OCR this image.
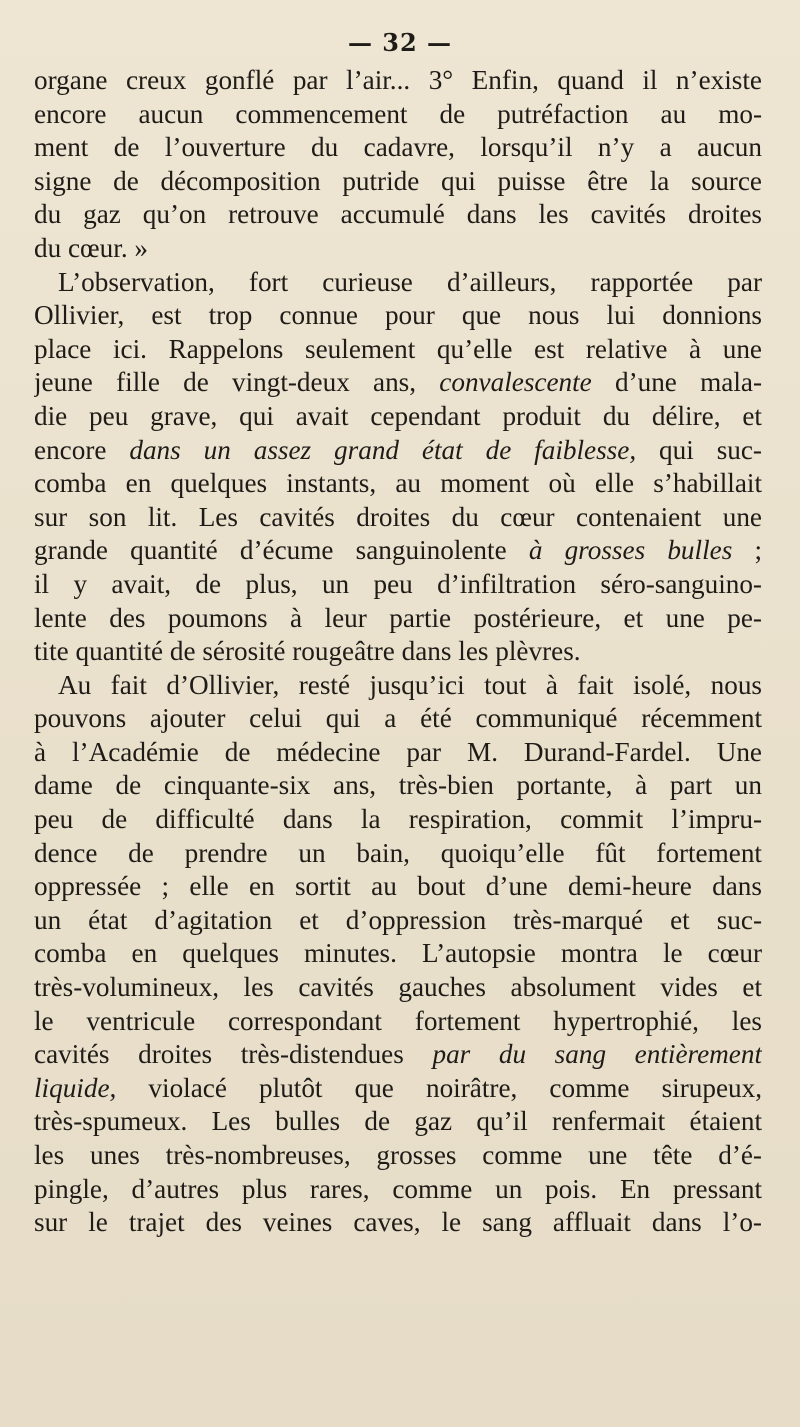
— 32 —
organe creux gonflé par l’air... 3° Enfin, quand il n’existe
encore aucun commencement de putréfaction au mo-
ment de l’ouverture du cadavre, lorsqu’il n’y a aucun
signe de décomposition putride qui puisse être la source
du gaz qu’on retrouve accumulé dans les cavités droites
du cœur. »
L’observation, fort curieuse d’ailleurs, rapportée par
Ollivier, est trop connue pour que nous lui donnions
place ici. Rappelons seulement qu’elle est relative à une
jeune fille de vingt-deux ans, convalescente d’une mala-
die peu grave, qui avait cependant produit du délire, et
encore dans un assez grand état de faiblesse, qui suc-
comba en quelques instants, au moment où elle s’habillait
sur son lit. Les cavités droites du cœur contenaient une
grande quantité d’écume sanguinolente à grosses bulles ;
il y avait, de plus, un peu d’infiltration séro-sanguino-
lente des poumons à leur partie postérieure, et une pe-
tite quantité de sérosité rougeâtre dans les plèvres.
Au fait d’Ollivier, resté jusqu’ici tout à fait isolé, nous
pouvons ajouter celui qui a été communiqué récemment
à l’Académie de médecine par M. Durand-Fardel. Une
dame de cinquante-six ans, très-bien portante, à part un
peu de difficulté dans la respiration, commit l’impru-
dence de prendre un bain, quoiqu’elle fût fortement
oppressée ; elle en sortit au bout d’une demi-heure dans
un état d’agitation et d’oppression très-marqué et suc-
comba en quelques minutes. L’autopsie montra le cœur
très-volumineux, les cavités gauches absolument vides et
le ventricule correspondant fortement hypertrophié, les
cavités droites très-distendues par du sang entièrement
liquide, violacé plutôt que noirâtre, comme sirupeux,
très-spumeux. Les bulles de gaz qu’il renfermait étaient
les unes très-nombreuses, grosses comme une tête d’é-
pingle, d’autres plus rares, comme un pois. En pressant
sur le trajet des veines caves, le sang affluait dans l’o-
